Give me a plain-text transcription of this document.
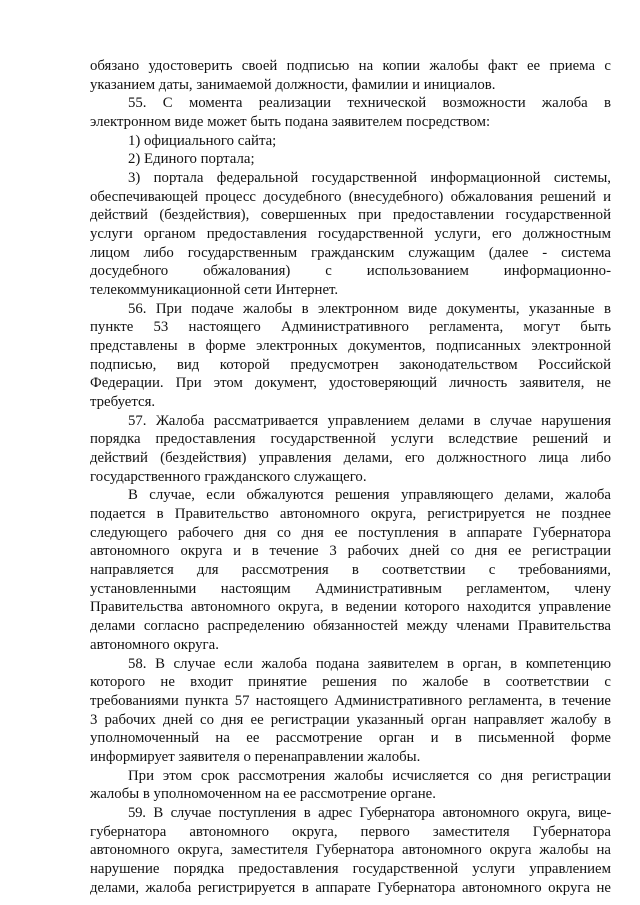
обязано удостоверить своей подписью на копии жалобы факт ее приема с
указанием даты, занимаемой должности, фамилии и инициалов.
55. С момента реализации технической возможности жалоба в
электронном виде может быть подана заявителем посредством:
1) официального сайта;
2) Единого портала;
3) портала федеральной государственной информационной системы,
обеспечивающей процесс досудебного (внесудебного) обжалования решений и
действий (бездействия), совершенных при предоставлении государственной
услуги органом предоставления государственной услуги, его должностным
лицом либо государственным гражданским служащим (далее - система
досудебного обжалования) с использованием информационно-
телекоммуникационной сети Интернет.
56. При подаче жалобы в электронном виде документы, указанные в
пункте 53 настоящего Административного регламента, могут быть
представлены в форме электронных документов, подписанных электронной
подписью, вид которой предусмотрен законодательством Российской
Федерации. При этом документ, удостоверяющий личность заявителя, не
требуется.
57. Жалоба рассматривается управлением делами в случае нарушения
порядка предоставления государственной услуги вследствие решений и
действий (бездействия) управления делами, его должностного лица либо
государственного гражданского служащего.
В случае, если обжалуются решения управляющего делами, жалоба
подается в Правительство автономного округа, регистрируется не позднее
следующего рабочего дня со дня ее поступления в аппарате Губернатора
автономного округа и в течение 3 рабочих дней со дня ее регистрации
направляется для рассмотрения в соответствии с требованиями,
установленными настоящим Административным регламентом, члену
Правительства автономного округа, в ведении которого находится управление
делами согласно распределению обязанностей между членами Правительства
автономного округа.
58. В случае если жалоба подана заявителем в орган, в компетенцию
которого не входит принятие решения по жалобе в соответствии с
требованиями пункта 57 настоящего Административного регламента, в течение
3 рабочих дней со дня ее регистрации указанный орган направляет жалобу в
уполномоченный на ее рассмотрение орган и в письменной форме
информирует заявителя о перенаправлении жалобы.
При этом срок рассмотрения жалобы исчисляется со дня регистрации
жалобы в уполномоченном на ее рассмотрение органе.
59. В случае поступления в адрес Губернатора автономного округа, вице-
губернатора автономного округа, первого заместителя Губернатора
автономного округа, заместителя Губернатора автономного округа жалобы на
нарушение порядка предоставления государственной услуги управлением
делами, жалоба регистрируется в аппарате Губернатора автономного округа не
